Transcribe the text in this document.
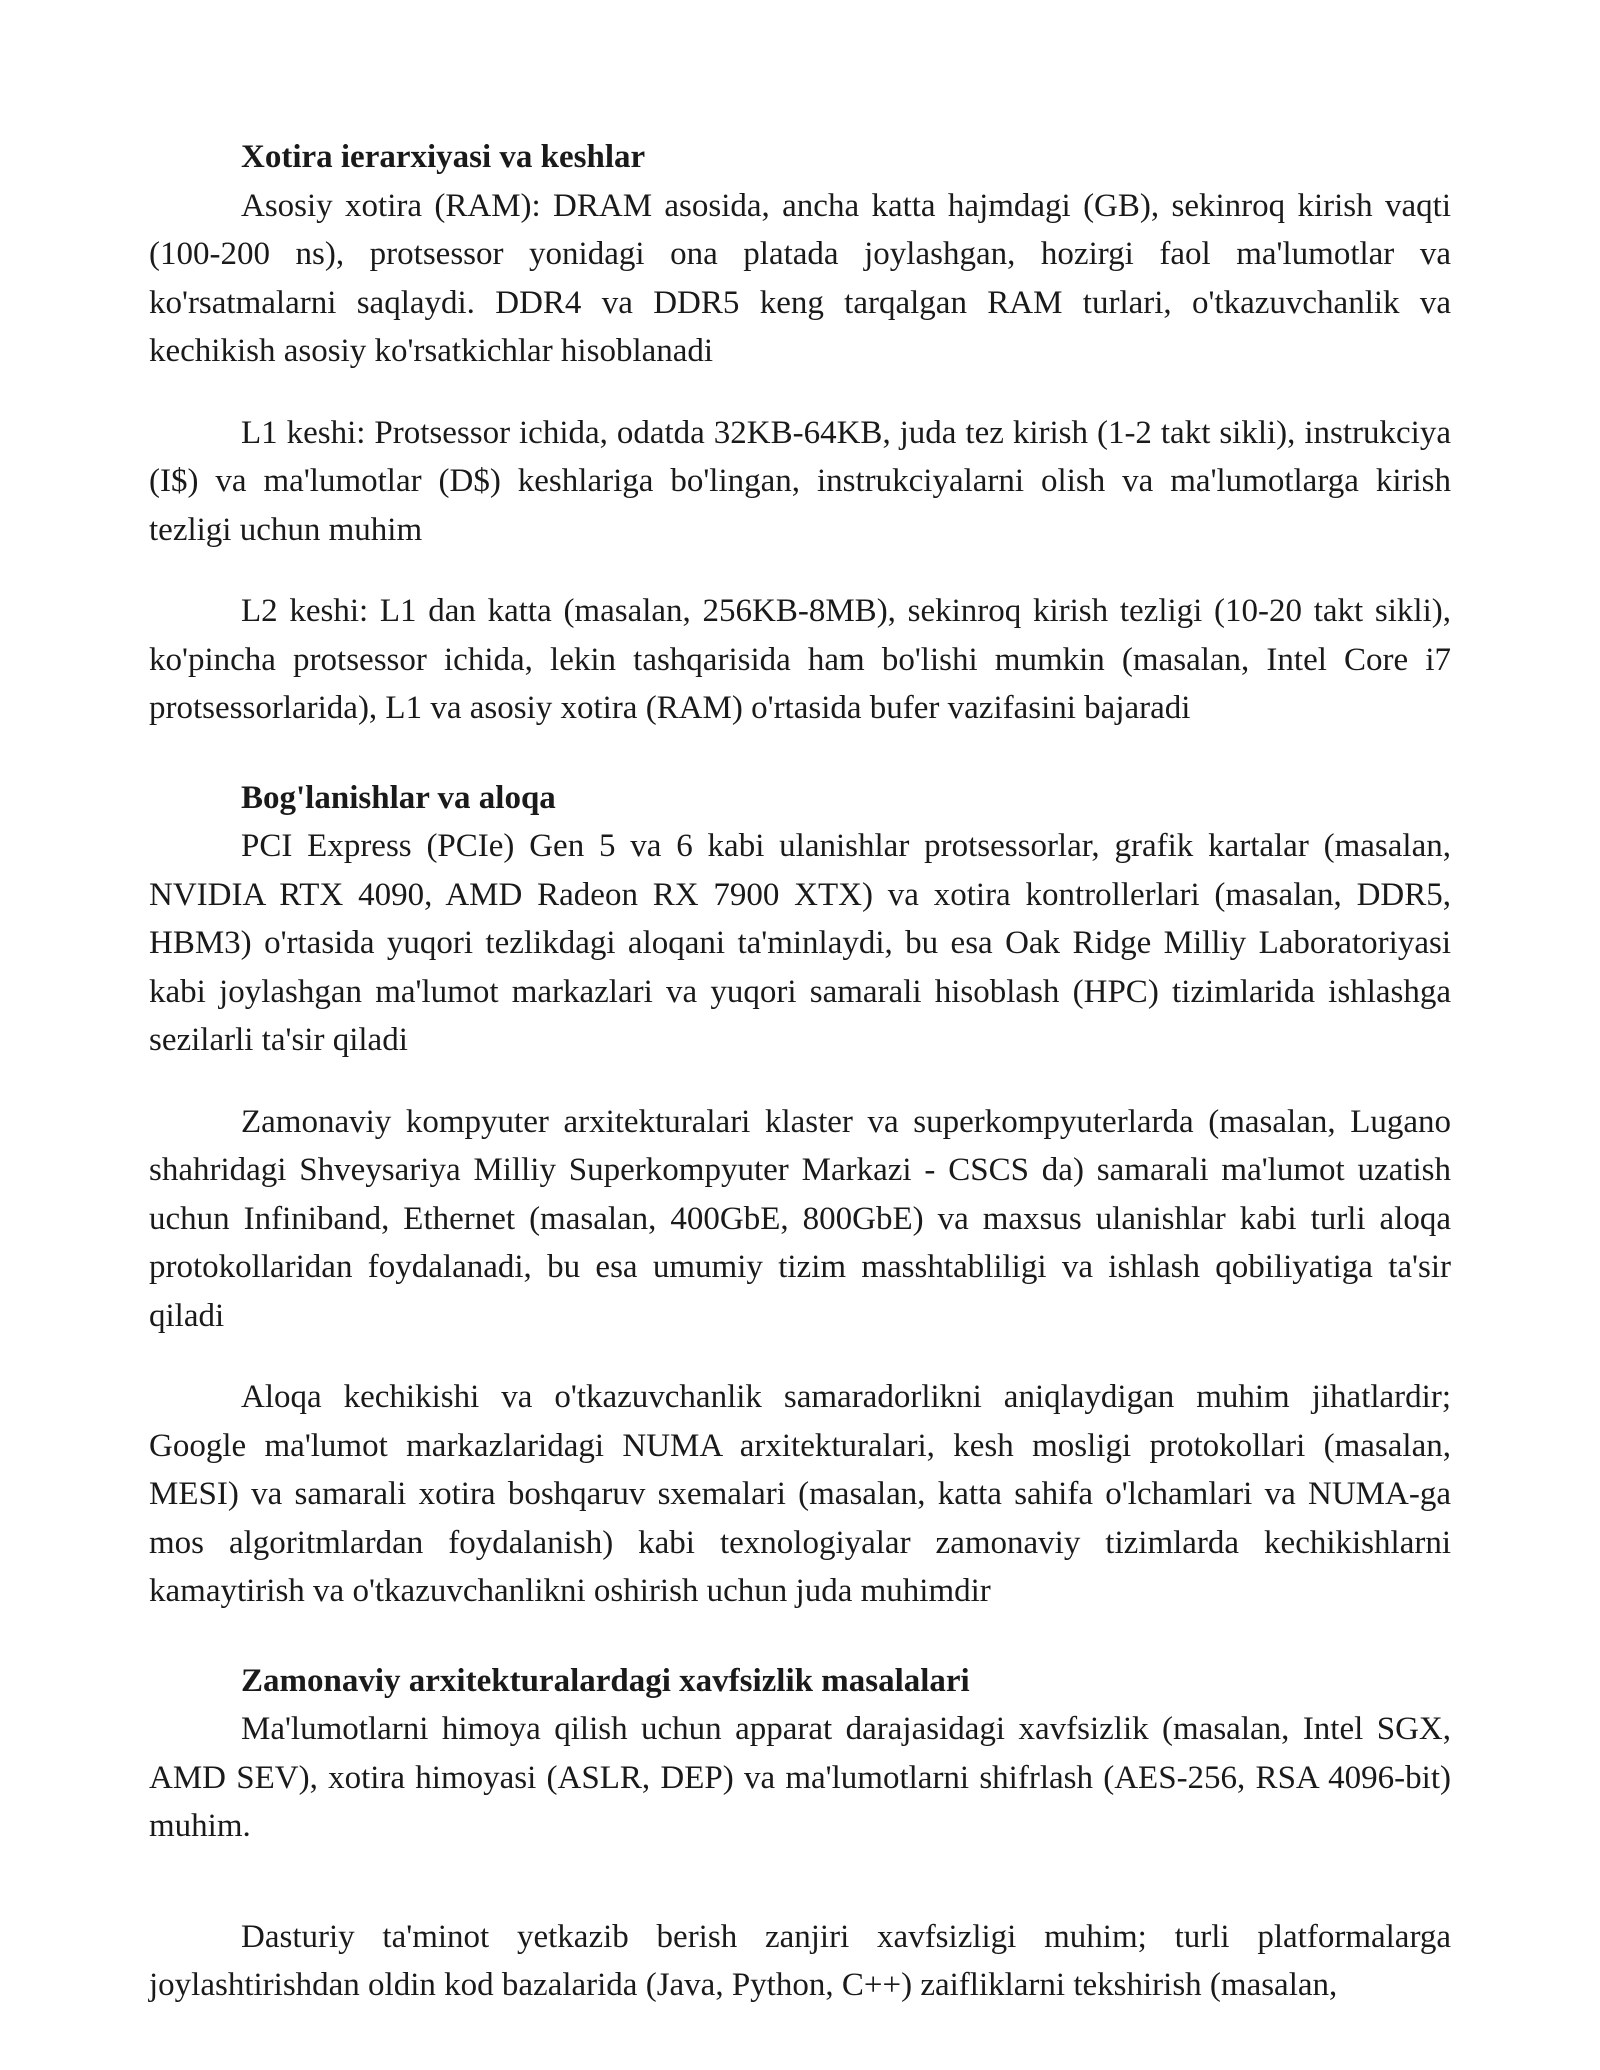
Xotira ierarxiyasi va keshlar

Asosiy xotira (RAM): DRAM asosida, ancha katta hajmdagi (GB), sekinroq kirish vaqti (100-200 ns), protsessor yonidagi ona platada joylashgan, hozirgi faol ma'lumotlar va ko'rsatmalarni saqlaydi. DDR4 va DDR5 keng tarqalgan RAM turlari, o'tkazuvchanlik va kechikish asosiy ko'rsatkichlar hisoblanadi

L1 keshi: Protsessor ichida, odatda 32KB-64KB, juda tez kirish (1-2 takt sikli), instrukciya (I$) va ma'lumotlar (D$) keshlariga bo'lingan, instrukciyalarni olish va ma'lumotlarga kirish tezligi uchun muhim

L2 keshi: L1 dan katta (masalan, 256KB-8MB), sekinroq kirish tezligi (10-20 takt sikli), ko'pincha protsessor ichida, lekin tashqarisida ham bo'lishi mumkin (masalan, Intel Core i7 protsessorlarida), L1 va asosiy xotira (RAM) o'rtasida bufer vazifasini bajaradi

Bog'lanishlar va aloqa

PCI Express (PCIe) Gen 5 va 6 kabi ulanishlar protsessorlar, grafik kartalar (masalan, NVIDIA RTX 4090, AMD Radeon RX 7900 XTX) va xotira kontrollerlari (masalan, DDR5, HBM3) o'rtasida yuqori tezlikdagi aloqani ta'minlaydi, bu esa Oak Ridge Milliy Laboratoriyasi kabi joylashgan ma'lumot markazlari va yuqori samarali hisoblash (HPC) tizimlarida ishlashga sezilarli ta'sir qiladi

Zamonaviy kompyuter arxitekturalari klaster va superkompyuterlarda (masalan, Lugano shahridagi Shveysariya Milliy Superkompyuter Markazi - CSCS da) samarali ma'lumot uzatish uchun Infiniband, Ethernet (masalan, 400GbE, 800GbE) va maxsus ulanishlar kabi turli aloqa protokollaridan foydalanadi, bu esa umumiy tizim masshtabliligi va ishlash qobiliyatiga ta'sir qiladi

Aloqa kechikishi va o'tkazuvchanlik samaradorlikni aniqlaydigan muhim jihatlardir; Google ma'lumot markazlaridagi NUMA arxitekturalari, kesh mosligi protokollari (masalan, MESI) va samarali xotira boshqaruv sxemalari (masalan, katta sahifa o'lchamlari va NUMA-ga mos algoritmlardan foydalanish) kabi texnologiyalar zamonaviy tizimlarda kechikishlarni kamaytirish va o'tkazuvchanlikni oshirish uchun juda muhimdir

Zamonaviy arxitekturalardagi xavfsizlik masalalari

Ma'lumotlarni himoya qilish uchun apparat darajasidagi xavfsizlik (masalan, Intel SGX, AMD SEV), xotira himoyasi (ASLR, DEP) va ma'lumotlarni shifrlash (AES-256, RSA 4096-bit) muhim.

Dasturiy ta'minot yetkazib berish zanjiri xavfsizligi muhim; turli platformalarga joylashtirishdan oldin kod bazalarida (Java, Python, C++) zaifliklarni tekshirish (masalan,
